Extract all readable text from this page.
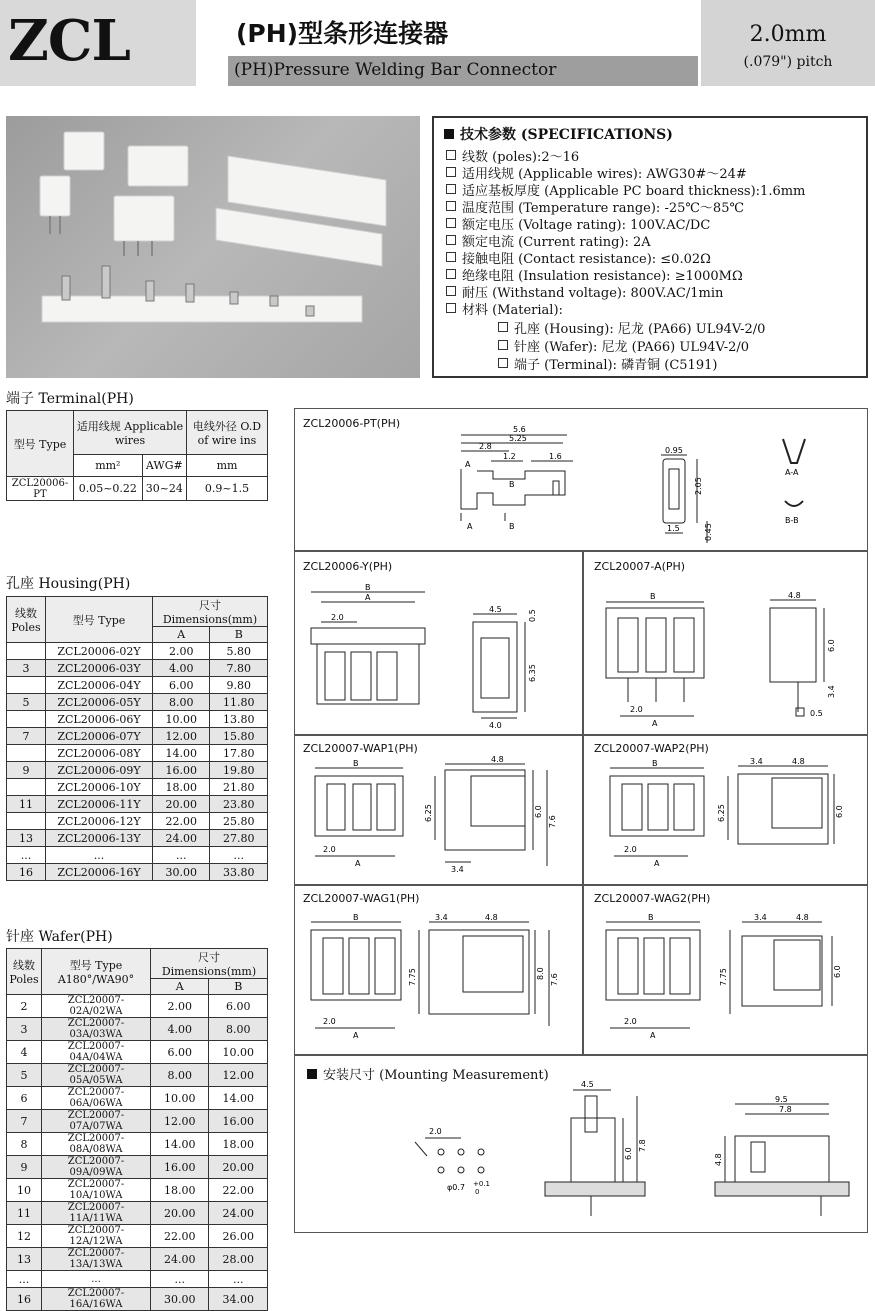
ZCL	(PH)型条形连接器
(PH)Pressure Welding Bar Connector
2.0mm
(.079") pitch
技术参数 (SPECIFICATIONS)
线数 (poles):2～16
适用线规 (Applicable wires): AWG30#～24#
适应基板厚度 (Applicable PC board thickness):1.6mm
温度范围 (Temperature range): -25℃～85℃
额定电压 (Voltage rating): 100V.AC/DC
额定电流 (Current rating): 2A
接触电阻 (Contact resistance): ≤0.02Ω
绝缘电阻 (Insulation resistance): ≥1000MΩ
耐压 (Withstand voltage): 800V.AC/1min
材料 (Material):
孔座 (Housing): 尼龙 (PA66) UL94V-2/0
针座 (Wafer): 尼龙 (PA66) UL94V-2/0
端子 (Terminal): 磷青铜 (C5191)
端子 Terminal(PH)
型号 Type	适用线规 Applicable wires		电线外径 O.D of wire ins
	mm²	AWG#	mm
ZCL20006-PT	0.05~0.22	30~24	0.9~1.5
孔座 Housing(PH)
线数 Poles	型号 Type	尺寸 Dimensions(mm)	
		A	B
	ZCL20006-02Y	2.00	5.80
3	ZCL20006-03Y	4.00	7.80
	ZCL20006-04Y	6.00	9.80
5	ZCL20006-05Y	8.00	11.80
	ZCL20006-06Y	10.00	13.80
7	ZCL20006-07Y	12.00	15.80
	ZCL20006-08Y	14.00	17.80
9	ZCL20006-09Y	16.00	19.80
	ZCL20006-10Y	18.00	21.80
11	ZCL20006-11Y	20.00	23.80
	ZCL20006-12Y	22.00	25.80
13	ZCL20006-13Y	24.00	27.80
...	...	...	...
16	ZCL20006-16Y	30.00	33.80
针座 Wafer(PH)
线数 Poles	型号 Type A180°/WA90°	尺寸 Dimensions(mm)	
		A	B
2	ZCL20007-02A/02WA	2.00	6.00
3	ZCL20007-03A/03WA	4.00	8.00
4	ZCL20007-04A/04WA	6.00	10.00
5	ZCL20007-05A/05WA	8.00	12.00
6	ZCL20007-06A/06WA	10.00	14.00
7	ZCL20007-07A/07WA	12.00	16.00
8	ZCL20007-08A/08WA	14.00	18.00
9	ZCL20007-09A/09WA	16.00	20.00
10	ZCL20007-10A/10WA	18.00	22.00
11	ZCL20007-11A/11WA	20.00	24.00
12	ZCL20007-12A/12WA	22.00	26.00
13	ZCL20007-13A/13WA	24.00	28.00
...	...	...	...
16	ZCL20007-16A/16WA	30.00	34.00
ZCL20006-PT(PH)	5.6
5.25
2.8
1.2	1.6
A
B
A	B
0.95
2.05
1.5	0.45
A-A
B-B
ZCL20006-Y(PH)
B
A
2.0
4.5	0.5
6.35
4.0
ZCL20007-A(PH)
B
2.0
A
4.8
6.0
3.4
0.5
ZCL20007-WAP1(PH)
B
2.0
A
4.8
6.25	6.0
7.6
3.4
ZCL20007-WAP2(PH)
B
2.0
A
3.4	4.8
6.25	6.0
ZCL20007-WAG1(PH)
B
2.0
A
3.4	4.8
7.75	8.0 7.6
ZCL20007-WAG2(PH)
B
2.0
A
3.4	4.8
7.75	6.0
安装尺寸 (Mounting Measurement)
2.0
φ0.7 +0.1
0
4.5
6.0
7.8
9.5
7.8
4.8
